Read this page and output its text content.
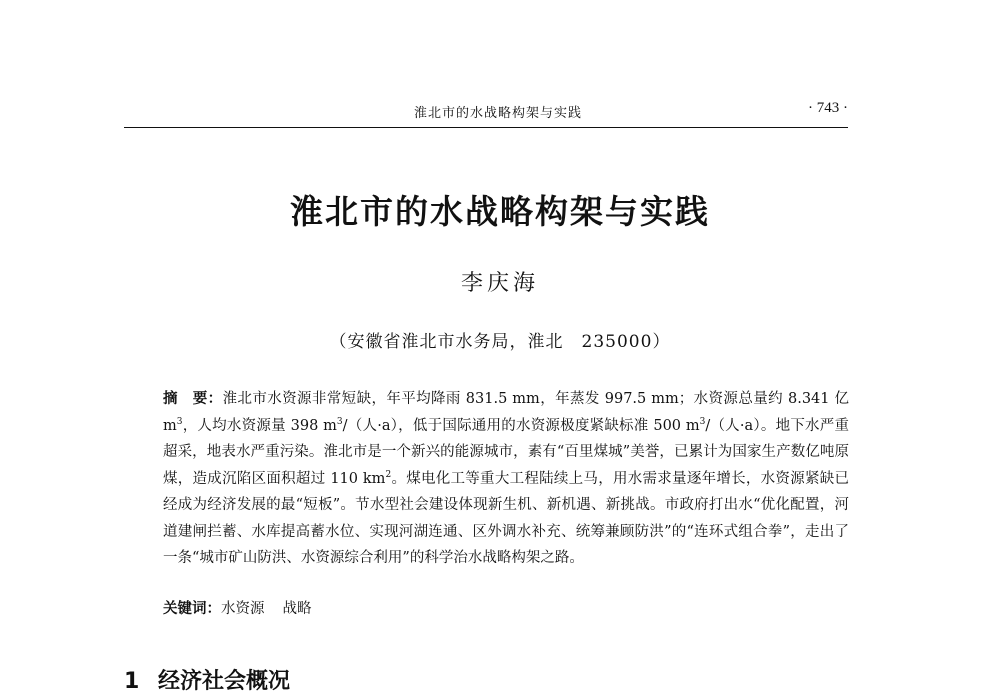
淮北市的水战略构架与实践	· 743 ·
淮北市的水战略构架与实践
李庆海
（安徽省淮北市水务局，淮北　235000）
摘　要：淮北市水资源非常短缺，年平均降雨 831.5 mm，年蒸发 997.5 mm；水资源总量约 8.341 亿 $m^3$，人均水资源量 398 $m^3/$（人·a），低于国际通用的水资源极度紧缺标准 500 $m^3/$（人·a）。地下水严重超采，地表水严重污染。淮北市是一个新兴的能源城市，素有“百里煤城”美誉，已累计为国家生产数亿吨原煤，造成沉陷区面积超过 110 $km^2$。煤电化工等重大工程陆续上马，用水需求量逐年增长，水资源紧缺已经成为经济发展的最“短板”。节水型社会建设体现新生机、新机遇、新挑战。市政府打出水“优化配置，河道建闸拦蓄、水库提高蓄水位、实现河湖连通、区外调水补充、统筹兼顾防洪”的“连环式组合拳”，走出了一条“城市矿山防洪、水资源综合利用”的科学治水战略构架之路。
关键词：水资源 战略
1 经济社会概况
